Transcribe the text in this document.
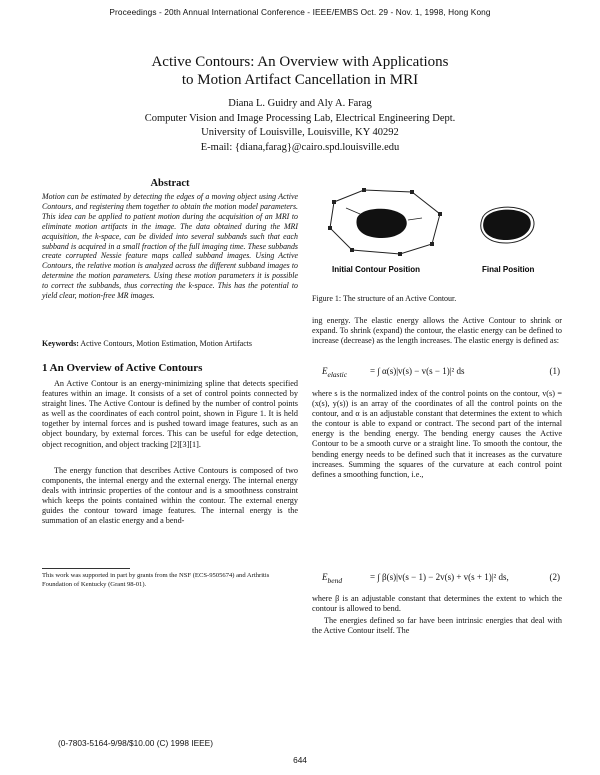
Proceedings - 20th Annual International Conference - IEEE/EMBS Oct. 29 - Nov. 1, 1998, Hong Kong
Active Contours: An Overview with Applications
to Motion Artifact Cancellation in MRI
Diana L. Guidry and Aly A. Farag
Computer Vision and Image Processing Lab, Electrical Engineering Dept.
University of Louisville, Louisville, KY 40292
E-mail: {diana,farag}@cairo.spd.louisville.edu
Abstract
Motion can be estimated by detecting the edges of a moving object using Active Contours, and registering them together to obtain the motion model parameters. This idea can be applied to patient motion during the acquisition of an MRI to eliminate motion artifacts in the image. The data obtained during the MRI acquisition, the k-space, can be divided into several subbands such that each subband is acquired in a small fraction of the full imaging time. These subbands create corrupted Nessie feature maps called subband images. Using Active Contours, the relative motion is analyzed across the different subband images to determine the motion parameters. Using these motion parameters it is possible to correct the subbands, thus correcting the k-space. This has the potential to yield clear, motion-free MR images.
Keywords: Active Contours, Motion Estimation, Motion Artifacts
1 An Overview of Active Contours
An Active Contour is an energy-minimizing spline that detects specified features within an image. It consists of a set of control points connected by straight lines. The Active Contour is defined by the number of control points as well as the coordinates of each control point, shown in Figure 1. It is held together by internal forces and is pushed toward image features, such as an object boundary, by external forces. This can be useful for edge detection, object recognition, and object tracking [2][3][1].
The energy function that describes Active Contours is composed of two components, the internal energy and the external energy. The internal energy deals with intrinsic properties of the contour and is a smoothness constraint which keeps the points contained within the contour. The external energy guides the contour toward image features. The internal energy is the summation of an elastic energy and a bend-
This work was supported in part by grants from the NSF (ECS-9505674) and Arthritis Foundation of Kentucky (Grant 98-01).
Initial Contour Position	Final Position
Figure 1: The structure of an Active Contour.
ing energy. The elastic energy allows the Active Contour to shrink or expand. To shrink (expand) the contour, the elastic energy can be defined to increase (decrease) as the length increases. The elastic energy is defined as:
$E_{elastic}$	= ∫ α(s)|v(s) − v(s − 1)|² ds	(1)
where s is the normalized index of the control points on the contour, v(s) = (x(s), y(s)) is an array of the coordinates of all the control points on the contour, and α is an adjustable constant that determines the extent to which the contour is able to expand or contract. The second part of the internal energy is the bending energy. The bending energy causes the Active Contour to be a smooth curve or a straight line. To smooth the contour, the bending energy needs to be defined such that it increases as the curvature increases. Summing the squares of the curvature at each control point defines a smoothing function, i.e.,
$E_{bend}$	= ∫ β(s)|v(s − 1) − 2v(s) + v(s + 1)|² ds,	(2)
where β is an adjustable constant that determines the extent to which the contour is allowed to bend.
The energies defined so far have been intrinsic energies that deal with the Active Contour itself. The
(0-7803-5164-9/98/$10.00 (C) 1998 IEEE)
644
